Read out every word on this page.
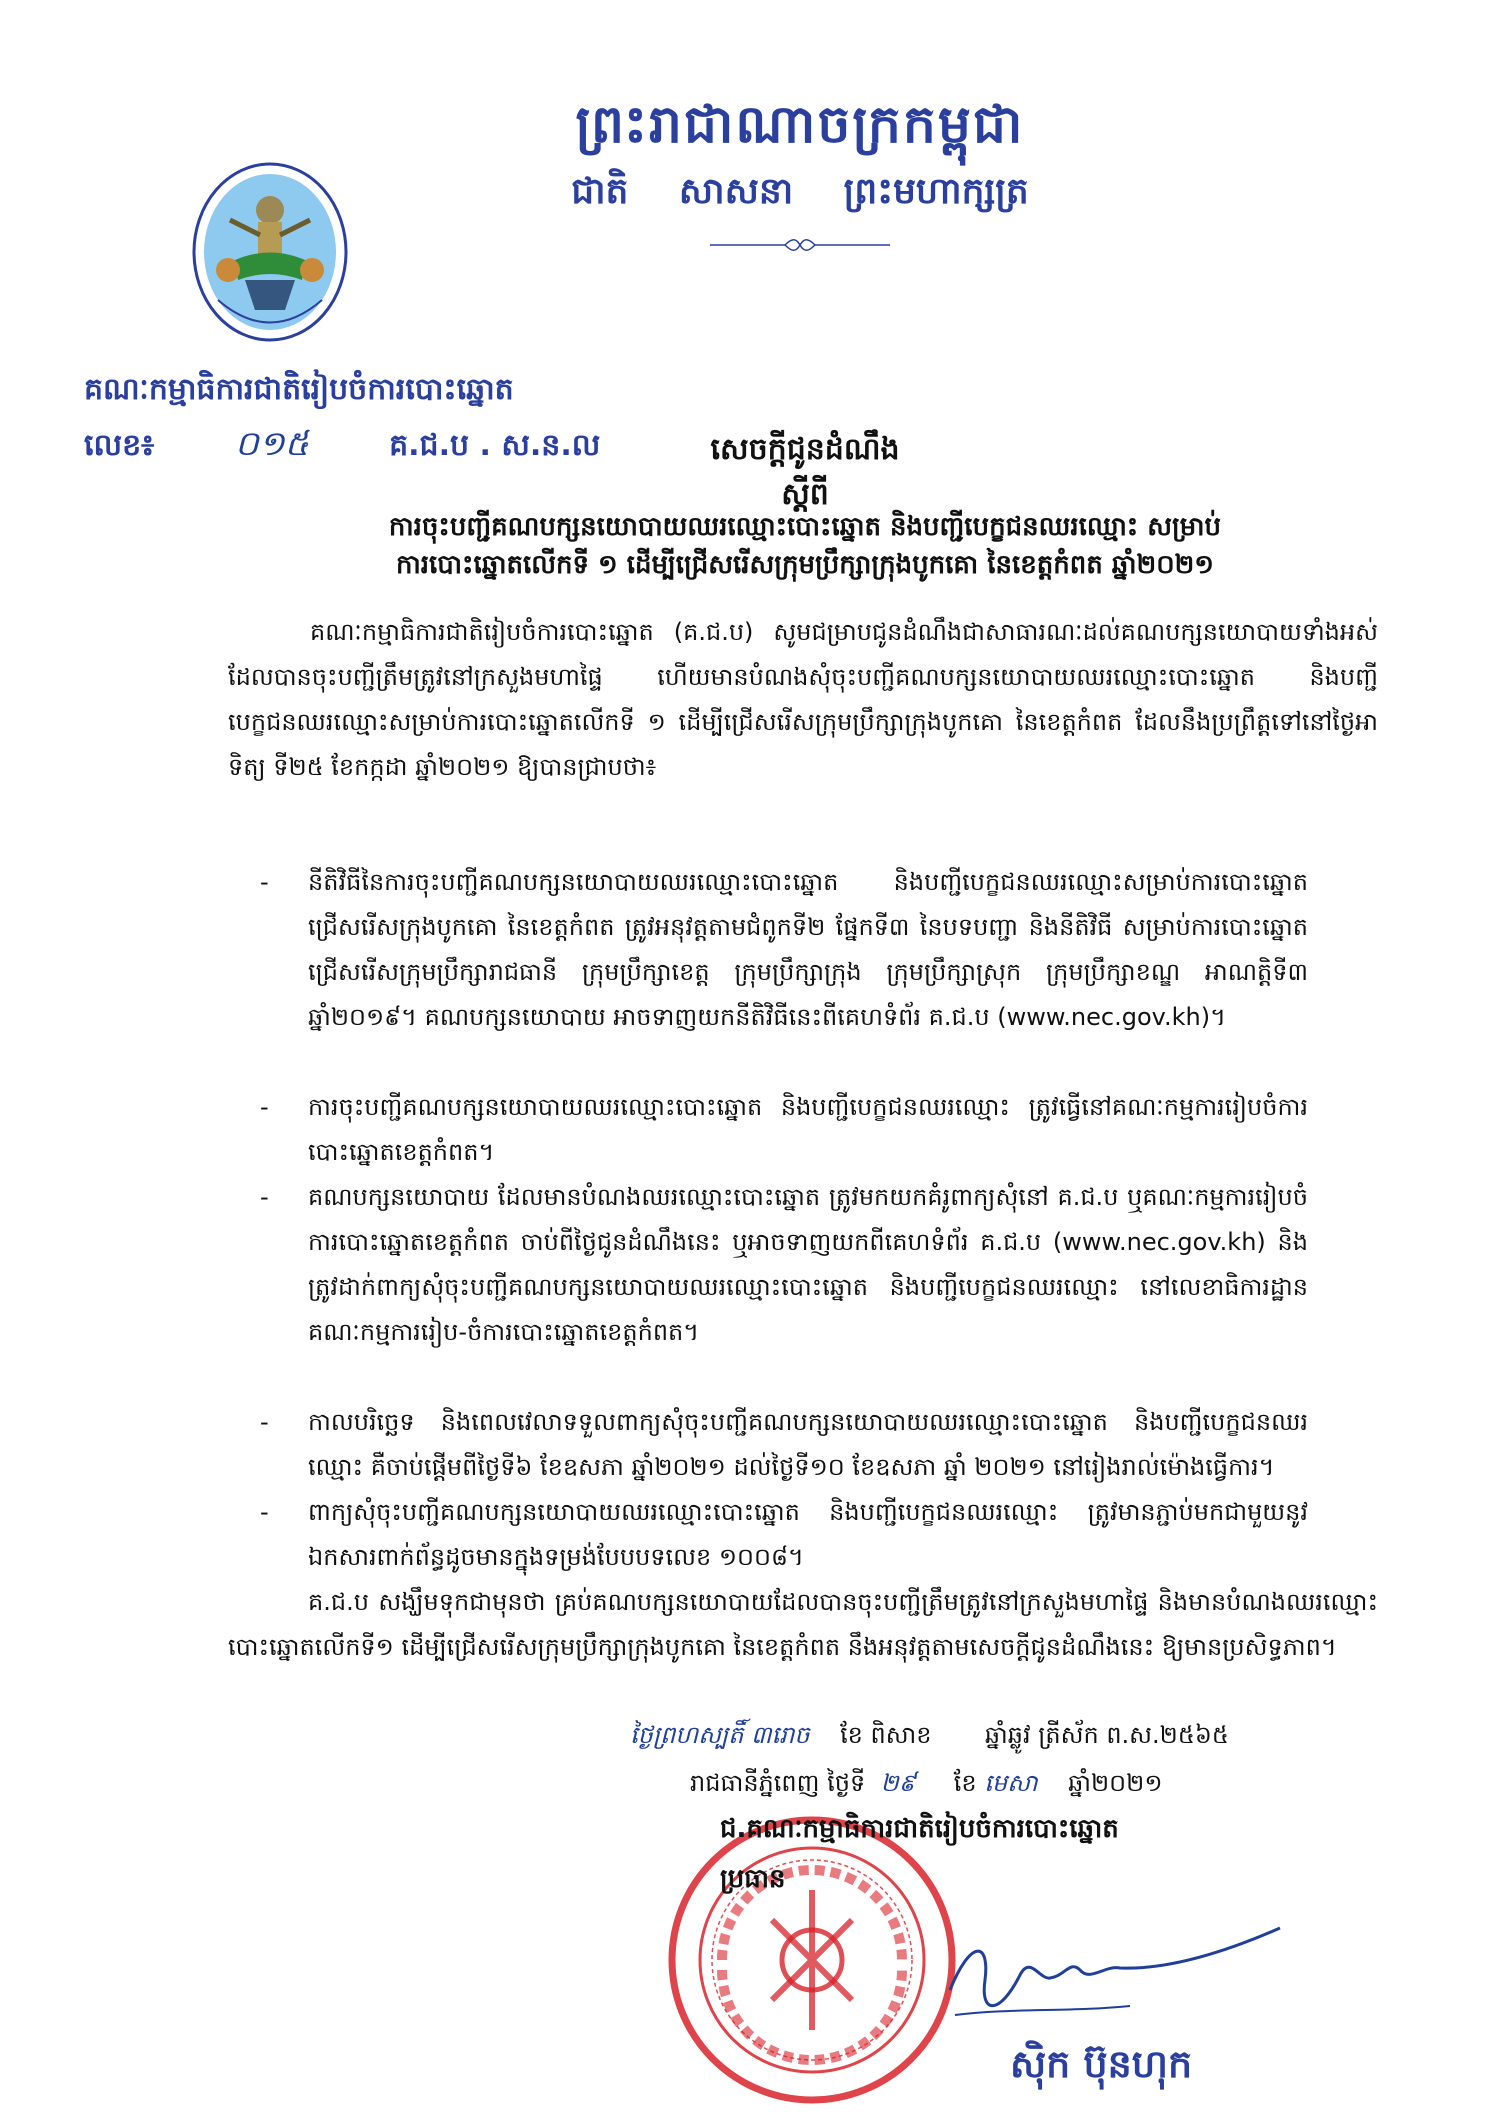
ព្រះរាជាណាចក្រកម្ពុជា
ជាតិ សាសនា ព្រះមហាក្សត្រ
គណៈកម្មាធិការជាតិរៀបចំការបោះឆ្នោត
លេខ៖ ០១៥	គ.ជ.ប . ស.ន.ល	សេចក្តីជូនដំណឹង
ស្តីពី
ការចុះបញ្ជីគណបក្សនយោបាយឈរឈ្មោះបោះឆ្នោត និងបញ្ជីបេក្ខជនឈរឈ្មោះ សម្រាប់
ការបោះឆ្នោតលើកទី ១ ដើម្បីជ្រើសរើសក្រុមប្រឹក្សាក្រុងបូកគោ នៃខេត្តកំពត ឆ្នាំ២០២១
គណៈកម្មាធិការជាតិរៀបចំការបោះឆ្នោត (គ.ជ.ប) សូមជម្រាបជូនដំណឹងជាសាធារណៈដល់គណបក្សនយោបាយទាំងអស់ ដែលបានចុះបញ្ជីត្រឹមត្រូវនៅក្រសួងមហាផ្ទៃ ហើយមានបំណងសុំចុះបញ្ជីគណបក្សនយោបាយឈរឈ្មោះបោះឆ្នោត និងបញ្ជីបេក្ខជនឈរឈ្មោះសម្រាប់ការបោះឆ្នោតលើកទី ១ ដើម្បីជ្រើសរើសក្រុមប្រឹក្សាក្រុងបូកគោ នៃខេត្តកំពត ដែលនឹងប្រព្រឹត្តទៅនៅថ្ងៃអាទិត្យ ទី២៥ ខែកក្កដា ឆ្នាំ២០២១ ឱ្យបានជ្រាបថា៖
- នីតិវិធីនៃការចុះបញ្ជីគណបក្សនយោបាយឈរឈ្មោះបោះឆ្នោត និងបញ្ជីបេក្ខជនឈរឈ្មោះសម្រាប់ការបោះឆ្នោតជ្រើសរើសក្រុងបូកគោ នៃខេត្តកំពត ត្រូវអនុវត្តតាមជំពូកទី២ ផ្នែកទី៣ នៃបទបញ្ជា និងនីតិវិធី សម្រាប់ការបោះឆ្នោតជ្រើសរើសក្រុមប្រឹក្សារាជធានី ក្រុមប្រឹក្សាខេត្ត ក្រុមប្រឹក្សាក្រុង ក្រុមប្រឹក្សាស្រុក ក្រុមប្រឹក្សាខណ្ឌ អាណត្តិទី៣ ឆ្នាំ២០១៩។ គណបក្សនយោបាយ អាចទាញយកនីតិវិធីនេះពីគេហទំព័រ គ.ជ.ប (www.nec.gov.kh)។
- ការចុះបញ្ជីគណបក្សនយោបាយឈរឈ្មោះបោះឆ្នោត និងបញ្ជីបេក្ខជនឈរឈ្មោះ ត្រូវធ្វើនៅគណៈកម្មការរៀបចំការបោះឆ្នោតខេត្តកំពត។
- គណបក្សនយោបាយ ដែលមានបំណងឈរឈ្មោះបោះឆ្នោត ត្រូវមកយកគំរូពាក្យសុំនៅ គ.ជ.ប ឬគណៈកម្មការរៀបចំការបោះឆ្នោតខេត្តកំពត ចាប់ពីថ្ងៃជូនដំណឹងនេះ ឬអាចទាញយកពីគេហទំព័រ គ.ជ.ប (www.nec.gov.kh) និងត្រូវដាក់ពាក្យសុំចុះបញ្ជីគណបក្សនយោបាយឈរឈ្មោះបោះឆ្នោត និងបញ្ជីបេក្ខជនឈរឈ្មោះ នៅលេខាធិការដ្ឋានគណៈកម្មការរៀប-ចំការបោះឆ្នោតខេត្តកំពត។
- កាលបរិច្ឆេទ និងពេលវេលាទទួលពាក្យសុំចុះបញ្ជីគណបក្សនយោបាយឈរឈ្មោះបោះឆ្នោត និងបញ្ជីបេក្ខជនឈរឈ្មោះ គឺចាប់ផ្តើមពីថ្ងៃទី៦ ខែឧសភា ឆ្នាំ២០២១ ដល់ថ្ងៃទី១០ ខែឧសភា ឆ្នាំ ២០២១ នៅរៀងរាល់ម៉ោងធ្វើការ។
- ពាក្យសុំចុះបញ្ជីគណបក្សនយោបាយឈរឈ្មោះបោះឆ្នោត និងបញ្ជីបេក្ខជនឈរឈ្មោះ ត្រូវមានភ្ជាប់មកជាមួយនូវឯកសារពាក់ព័ន្ធដូចមានក្នុងទម្រង់បែបបទលេខ ១០០៨។
គ.ជ.ប សង្ឃឹមទុកជាមុនថា គ្រប់គណបក្សនយោបាយដែលបានចុះបញ្ជីត្រឹមត្រូវនៅក្រសួងមហាផ្ទៃ និងមានបំណងឈរឈ្មោះបោះឆ្នោតលើកទី១ ដើម្បីជ្រើសរើសក្រុមប្រឹក្សាក្រុងបូកគោ នៃខេត្តកំពត នឹងអនុវត្តតាមសេចក្តីជូនដំណឹងនេះ ឱ្យមានប្រសិទ្ធភាព។
ថ្ងៃព្រហស្បតិ៍ ៣រោច ខែ ពិសាខ ឆ្នាំឆ្លូវ ត្រីស័ក ព.ស.២៥៦៥
រាជធានីភ្នំពេញ ថ្ងៃទី ២៩ ខែ មេសា ឆ្នាំ២០២១
ជ.គណៈកម្មាធិការជាតិរៀបចំការបោះឆ្នោត
ប្រធាន
ស៊ិក ប៊ុនហុក
